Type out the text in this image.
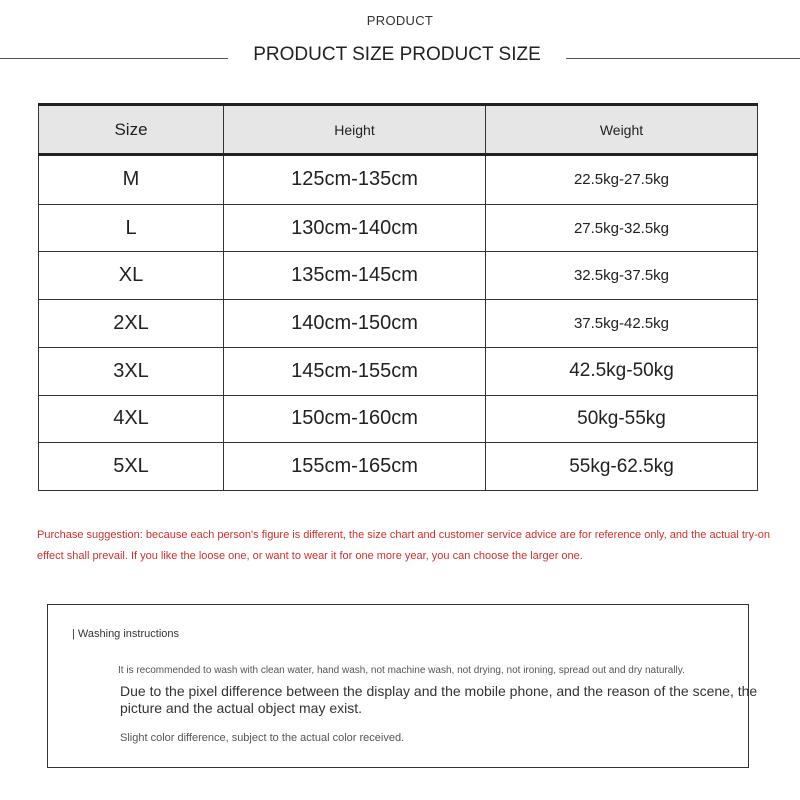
PRODUCT
PRODUCT SIZE PRODUCT SIZE
Size	Height	Weight
M	125cm-135cm	22.5kg-27.5kg
L	130cm-140cm	27.5kg-32.5kg
XL	135cm-145cm	32.5kg-37.5kg
2XL	140cm-150cm	37.5kg-42.5kg
3XL	145cm-155cm	42.5kg-50kg
4XL	150cm-160cm	50kg-55kg
5XL	155cm-165cm	55kg-62.5kg
Purchase suggestion: because each person's figure is different, the size chart and customer service advice are for reference only, and the actual try-on effect shall prevail. If you like the loose one, or want to wear it for one more year, you can choose the larger one.
| Washing instructions
It is recommended to wash with clean water, hand wash, not machine wash, not drying, not ironing, spread out and dry naturally.
Due to the pixel difference between the display and the mobile phone, and the reason of the scene, the picture and the actual object may exist.
Slight color difference, subject to the actual color received.
